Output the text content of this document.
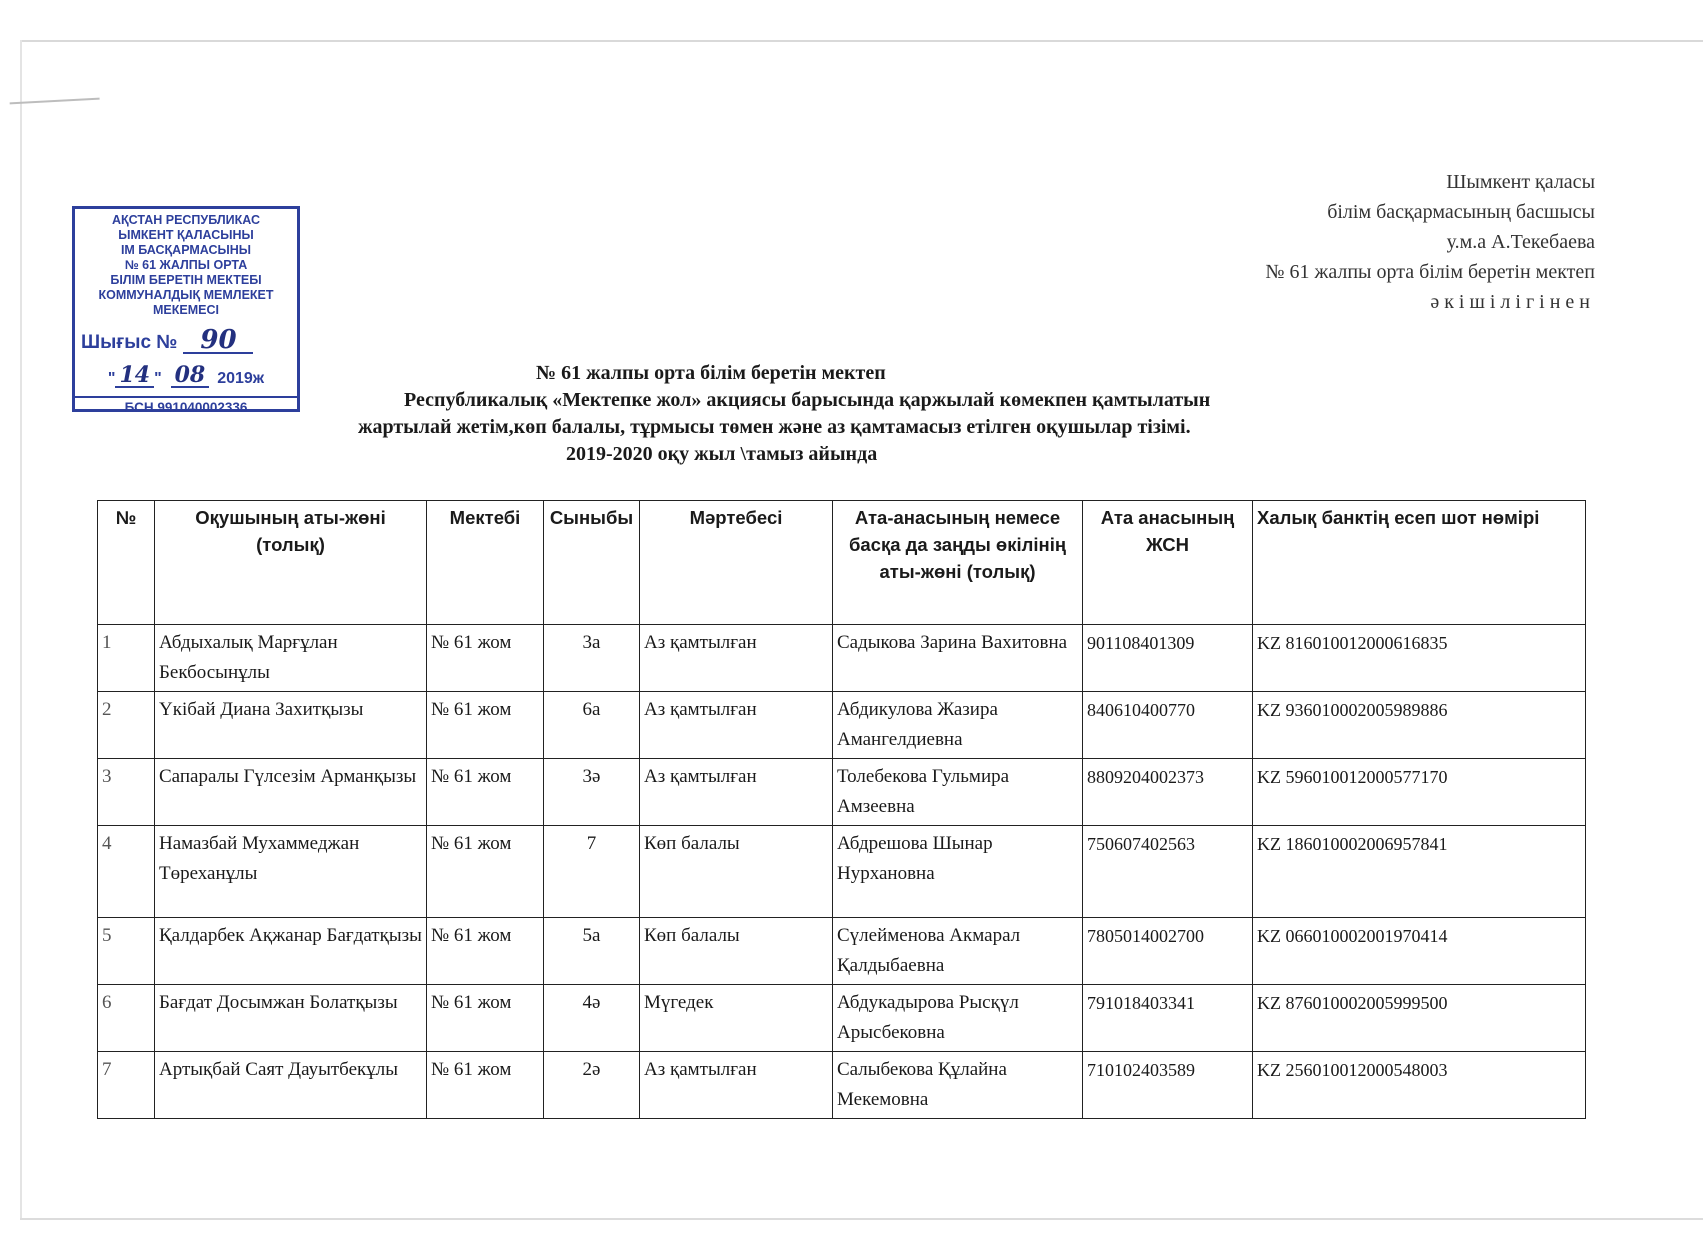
Шымкент қаласы
білім басқармасының басшысы
у.м.а А.Текебаева
№ 61 жалпы орта білім беретін мектеп
әкішілігінен
АҚСТАН РЕСПУБЛИКАС
ЫМКЕНТ ҚАЛАСЫНЫ
ІМ БАСҚАРМАСЫНЫ
№ 61 ЖАЛПЫ ОРТА
БІЛІМ БЕРЕТІН МЕКТЕБІ
КОММУНАЛДЫҚ МЕМЛЕКЕТ
МЕКЕМЕСІ
Шығыс № 90
" 14 " 08 2019 ж
БСН 991040002336
№ 61 жалпы орта білім беретін мектеп
Республикалық «Мектепке жол» акциясы барысында қаржылай көмекпен қамтылатын
жартылай жетім,көп балалы, тұрмысы төмен және аз қамтамасыз етілген оқушылар тізімі.
2019-2020 оқу жыл \тамыз айында
№	Оқушының аты-жөні (толық)	Мектебі	Сыныбы	Мәртебесі	Ата-анасының немесе басқа да заңды өкілінің аты-жөні (толық)	Ата анасының ЖСН	Халық банктің есеп шот нөмірі
1	Абдыхалық Марғұлан Бекбосынұлы	№ 61 жом	3а	Аз қамтылған	Садыкова Зарина Вахитовна	901108401309	KZ 816010012000616835
2	Үкібай Диана Захитқызы	№ 61 жом	6а	Аз қамтылған	Абдикулова Жазира Амангелдиевна	840610400770	KZ 936010002005989886
3	Сапаралы Гүлсезім Арманқызы	№ 61 жом	3ә	Аз қамтылған	Толебекова Гульмира Амзеевна	8809204002373	KZ 596010012000577170
4	Намазбай Мухаммеджан Төреханұлы	№ 61 жом	7	Көп балалы	Абдрешова Шынар Нурхановна	750607402563	KZ 186010002006957841
5	Қалдарбек Ақжанар Бағдатқызы	№ 61 жом	5а	Көп балалы	Сүлейменова Акмарал Қалдыбаевна	7805014002700	KZ 066010002001970414
6	Бағдат Досымжан Болатқызы	№ 61 жом	4ә	Мүгедек	Абдукадырова Рысқүл Арысбековна	791018403341	KZ 876010002005999500
7	Артықбай Саят Дауытбекұлы	№ 61 жом	2ә	Аз қамтылған	Салыбекова Құлайна Мекемовна	710102403589	KZ 256010012000548003
